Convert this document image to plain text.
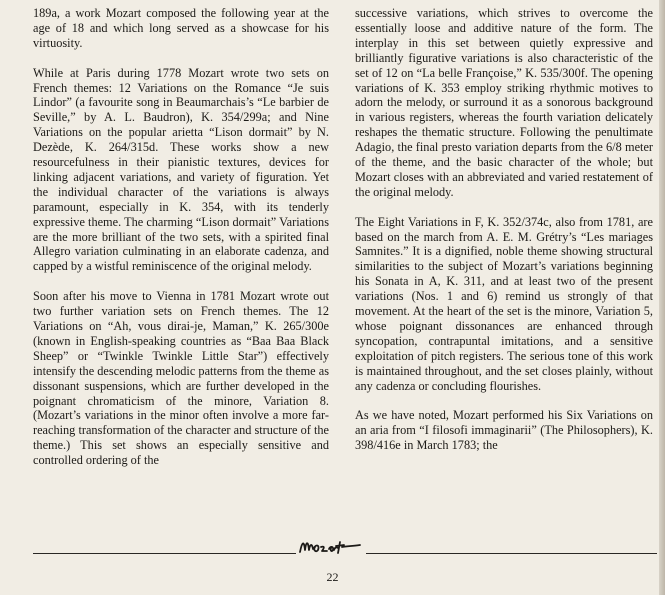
189a, a work Mozart composed the following year at the age of 18 and which long served as a showcase for his virtuosity.

While at Paris during 1778 Mozart wrote two sets on French themes: 12 Variations on the Romance “Je suis Lindor” (a favourite song in Beaumarchais’s “Le barbier de Seville,” by A. L. Baudron), K. 354/299a; and Nine Variations on the popular arietta “Lison dormait” by N. Dezède, K. 264/315d. These works show a new resourcefulness in their pianistic textures, devices for linking adjacent variations, and variety of figuration. Yet the individual character of the variations is always paramount, especially in K. 354, with its tenderly expressive theme. The charming “Lison dormait” Variations are the more brilliant of the two sets, with a spirited final Allegro variation culminating in an elaborate cadenza, and capped by a wistful reminiscence of the original melody.

Soon after his move to Vienna in 1781 Mozart wrote out two further variation sets on French themes. The 12 Variations on “Ah, vous dirai-je, Maman,” K. 265/300e (known in English-speaking countries as “Baa Baa Black Sheep” or “Twinkle Twinkle Little Star”) effectively intensify the descending melodic patterns from the theme as dissonant suspensions, which are further developed in the poignant chromaticism of the minore, Variation 8. (Mozart’s variations in the minor often involve a more far-reaching transformation of the character and structure of the theme.) This set shows an especially sensitive and controlled ordering of the

successive variations, which strives to overcome the essentially loose and additive nature of the form. The interplay in this set between quietly expressive and brilliantly figurative variations is also characteristic of the set of 12 on “La belle Françoise,” K. 535/300f. The opening variations of K. 353 employ striking rhythmic motives to adorn the melody, or surround it as a sonorous background in various registers, whereas the fourth variation delicately reshapes the thematic structure. Following the penultimate Adagio, the final presto variation departs from the 6/8 meter of the theme, and the basic character of the whole; but Mozart closes with an abbreviated and varied restatement of the original melody.

The Eight Variations in F, K. 352/374c, also from 1781, are based on the march from A. E. M. Grétry’s “Les mariages Samnites.” It is a dignified, noble theme showing structural similarities to the subject of Mozart’s variations beginning his Sonata in A, K. 311, and at least two of the present variations (Nos. 1 and 6) remind us strongly of that movement. At the heart of the set is the minore, Variation 5, whose poignant dissonances are enhanced through syncopation, contrapuntal imitations, and a sensitive exploitation of pitch registers. The serious tone of this work is maintained throughout, and the set closes plainly, without any cadenza or concluding flourishes.

As we have noted, Mozart performed his Six Variations on an aria from “I filosofi immaginarii” (The Philosophers), K. 398/416e in March 1783; the

22
